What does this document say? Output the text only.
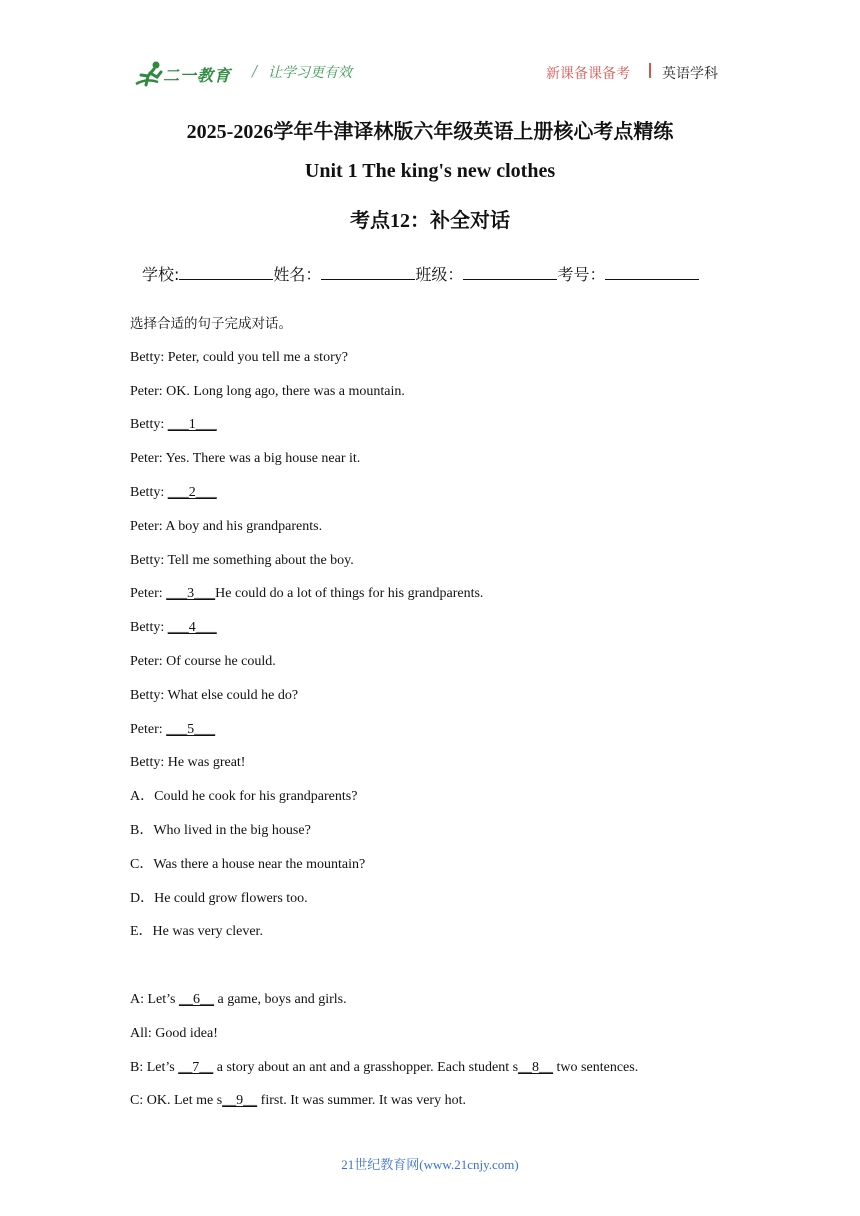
二一教育 / 让学习更有效	新课备课备考 英语学科
2025-2026学年牛津译林版六年级英语上册核心考点精练
Unit 1 The king's new clothes
考点12：补全对话
学校:	姓名：	班级：	考号：
选择合适的句子完成对话。
Betty: Peter, could you tell me a story?
Peter: OK. Long long ago, there was a mountain.
Betty: ___1___
Peter: Yes. There was a big house near it.
Betty: ___2___
Peter: A boy and his grandparents.
Betty: Tell me something about the boy.
Peter: ___3___He could do a lot of things for his grandparents.
Betty: ___4___
Peter: Of course he could.
Betty: What else could he do?
Peter: ___5___
Betty: He was great!
A．Could he cook for his grandparents?
B．Who lived in the big house?
C．Was there a house near the mountain?
D．He could grow flowers too.
E．He was very clever.
A: Let’s __6__ a game, boys and girls.
All: Good idea!
B: Let’s __7__ a story about an ant and a grasshopper. Each student s__8__ two sentences.
C: OK. Let me s__9__ first. It was summer. It was very hot.
21世纪教育网(www.21cnjy.com)
